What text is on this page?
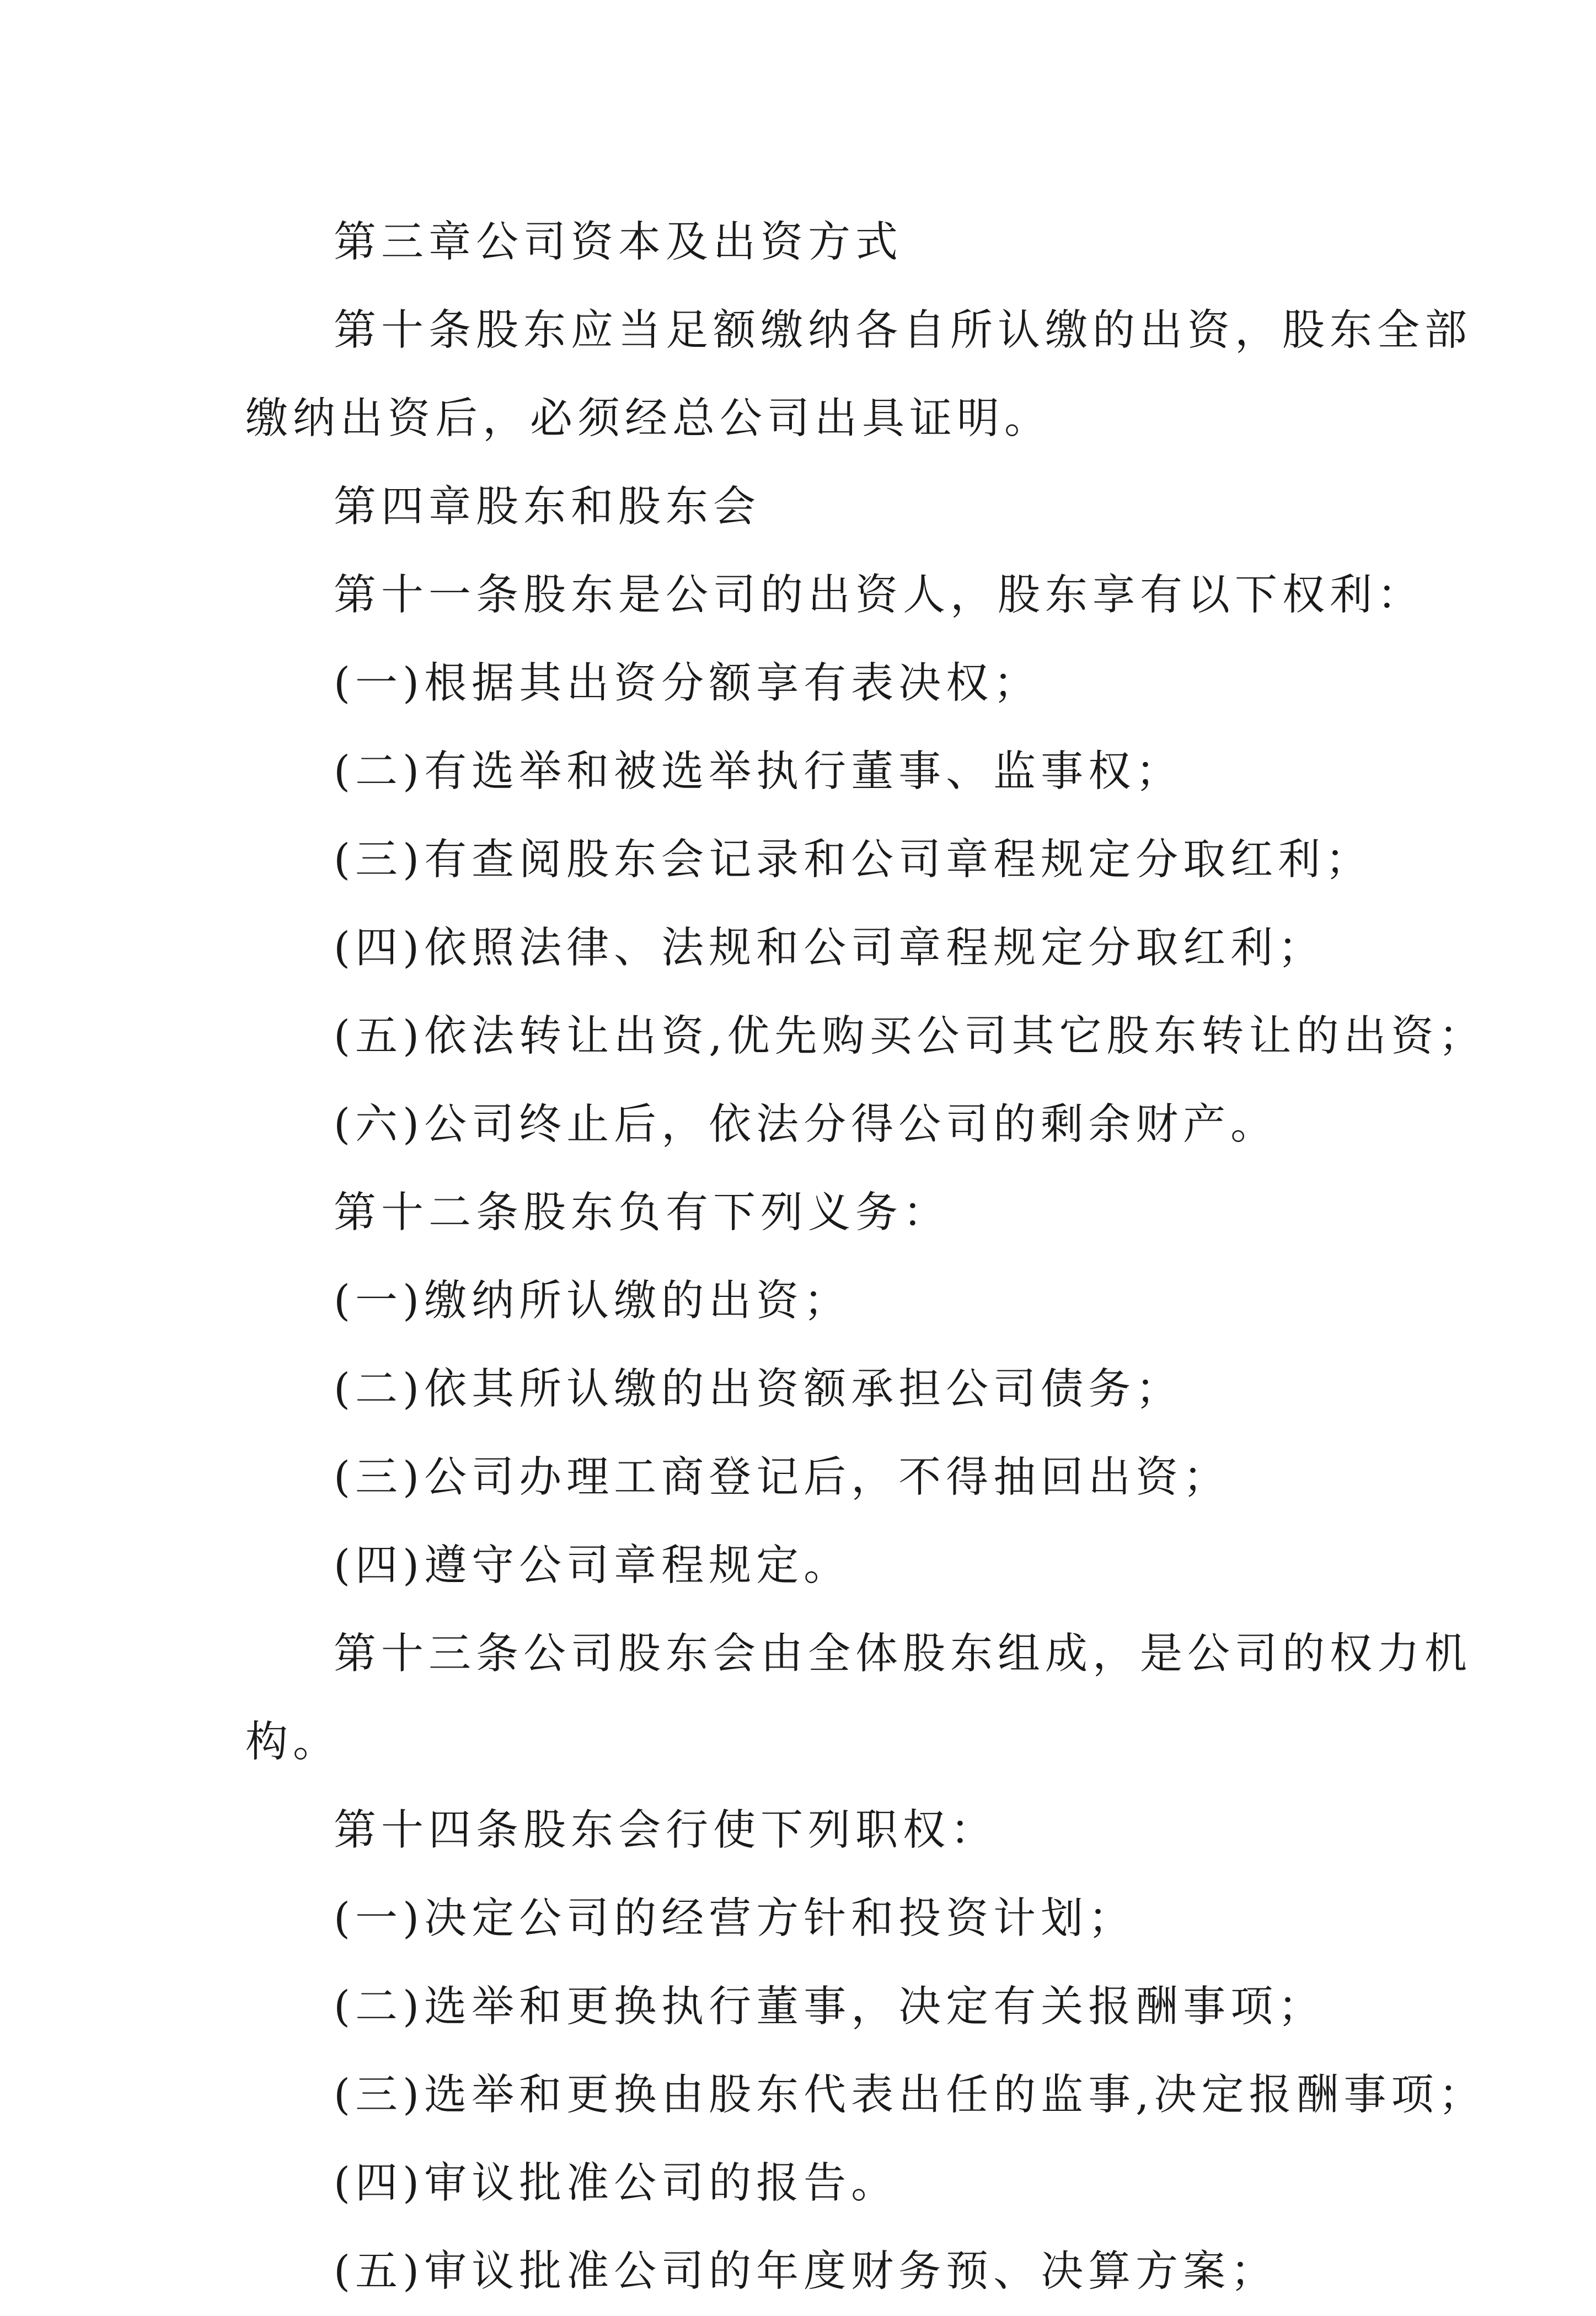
第三章公司资本及出资方式
第十条股东应当足额缴纳各自所认缴的出资，股东全部
缴纳出资后，必须经总公司出具证明。
第四章股东和股东会
第十一条股东是公司的出资人，股东享有以下权利：
(一)根据其出资分额享有表决权；
(二)有选举和被选举执行董事、监事权；
(三)有查阅股东会记录和公司章程规定分取红利；
(四)依照法律、法规和公司章程规定分取红利；
(五)依法转让出资,优先购买公司其它股东转让的出资；
(六)公司终止后，依法分得公司的剩余财产。
第十二条股东负有下列义务：
(一)缴纳所认缴的出资；
(二)依其所认缴的出资额承担公司债务；
(三)公司办理工商登记后，不得抽回出资；
(四)遵守公司章程规定。
第十三条公司股东会由全体股东组成，是公司的权力机
构。
第十四条股东会行使下列职权：
(一)决定公司的经营方针和投资计划；
(二)选举和更换执行董事，决定有关报酬事项；
(三)选举和更换由股东代表出任的监事,决定报酬事项；
(四)审议批准公司的报告。
(五)审议批准公司的年度财务预、决算方案；
